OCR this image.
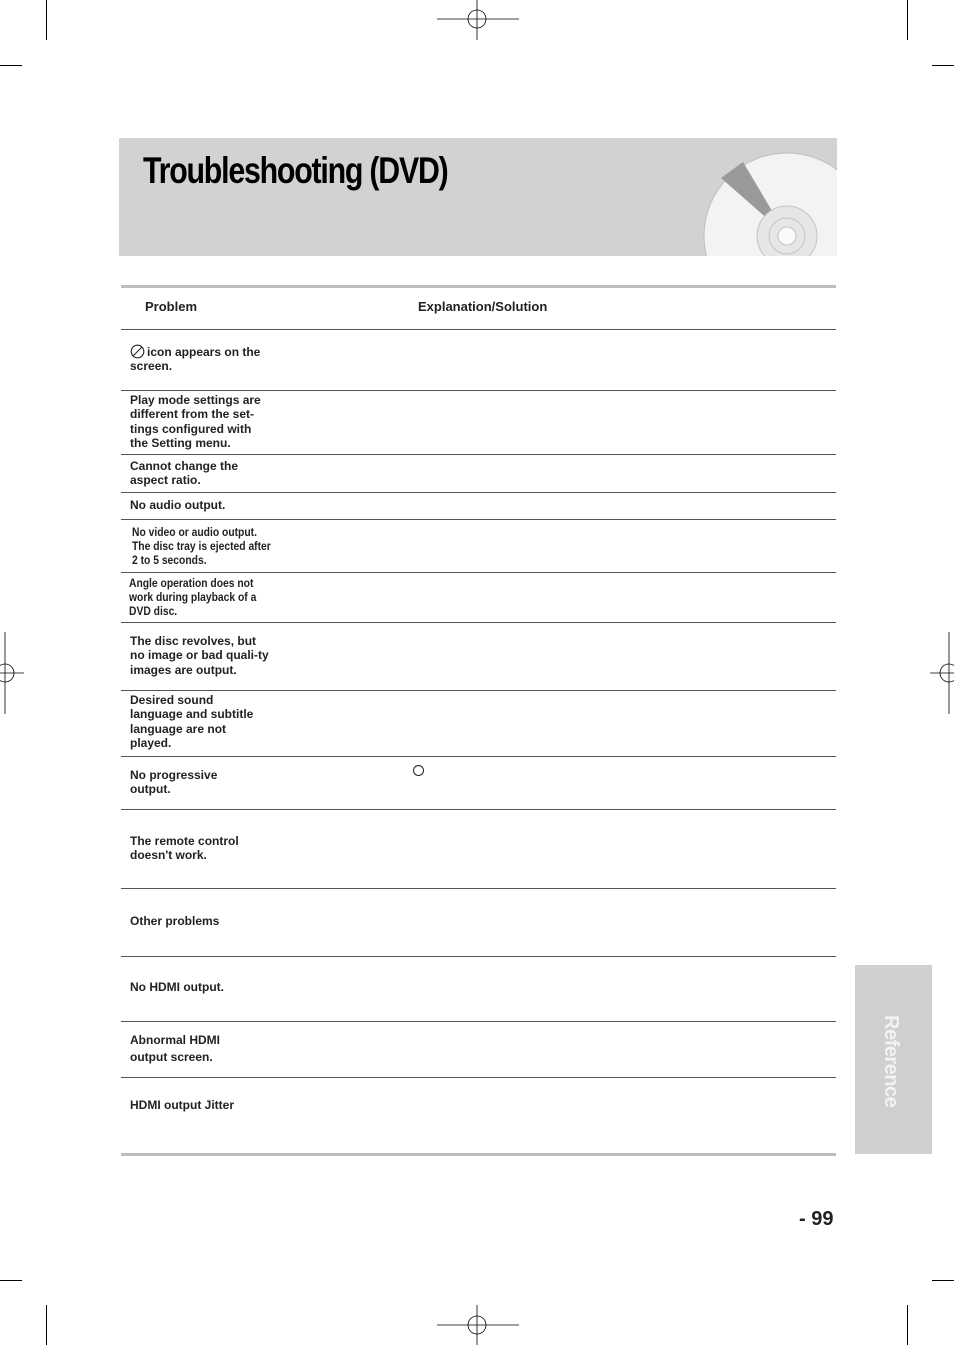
Troubleshooting (DVD)
Problem	Explanation/Solution
icon appears on the screen.
Play mode settings are different from the set-tings configured with the Setting menu.
Cannot change the aspect ratio.
No audio output.
No video or audio output. The disc tray is ejected after 2 to 5 seconds.
Angle operation does not work during playback of a DVD disc.
The disc revolves, but no image or bad quali-ty images are output.
Desired sound language and subtitle language are not played.
No progressive output.
The remote control doesn't work.
Other problems
No HDMI output.
Abnormal HDMI output screen.
HDMI output Jitter	Reference
- 99
